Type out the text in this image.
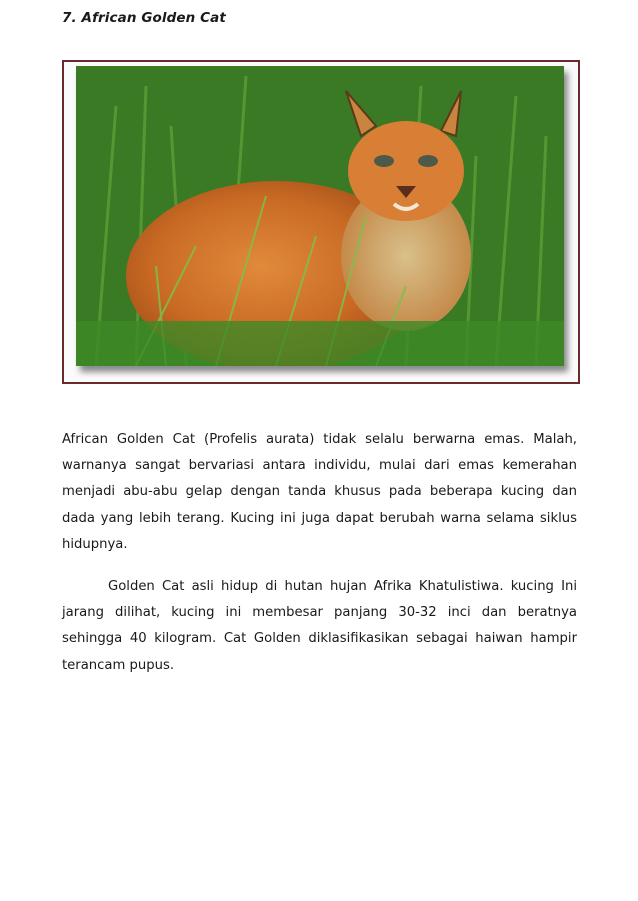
7. African Golden Cat

African Golden Cat (Profelis aurata) tidak selalu berwarna emas. Malah, warnanya sangat bervariasi antara individu, mulai dari emas kemerahan menjadi abu-abu gelap dengan tanda khusus pada beberapa kucing dan dada yang lebih terang. Kucing ini juga dapat berubah warna selama siklus hidupnya.

Golden Cat asli hidup di hutan hujan Afrika Khatulistiwa. kucing Ini jarang dilihat, kucing ini membesar panjang 30-32 inci dan beratnya sehingga 40 kilogram. Cat Golden diklasifikasikan sebagai haiwan hampir terancam pupus.
